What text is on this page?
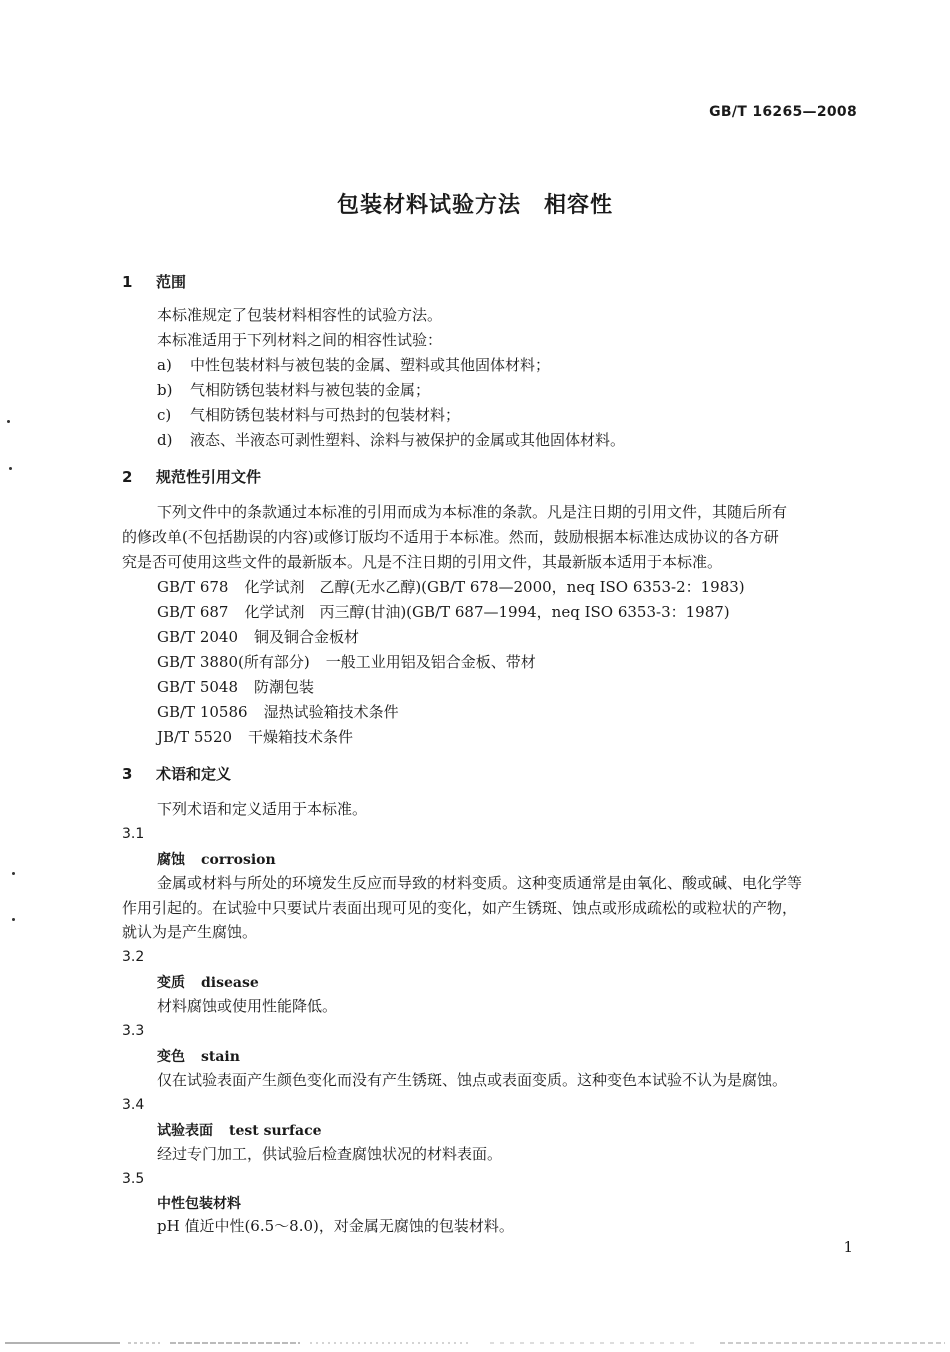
GB/T 16265—2008
包装材料试验方法　相容性
1 范围
本标准规定了包装材料相容性的试验方法。
本标准适用于下列材料之间的相容性试验：
a) 中性包装材料与被包装的金属、塑料或其他固体材料；
b) 气相防锈包装材料与被包装的金属；
c) 气相防锈包装材料与可热封的包装材料；
d) 液态、半液态可剥性塑料、涂料与被保护的金属或其他固体材料。
2 规范性引用文件
下列文件中的条款通过本标准的引用而成为本标准的条款。凡是注日期的引用文件，其随后所有
的修改单(不包括勘误的内容)或修订版均不适用于本标准。然而，鼓励根据本标准达成协议的各方研
究是否可使用这些文件的最新版本。凡是不注日期的引用文件，其最新版本适用于本标准。
GB/T 678 化学试剂　乙醇(无水乙醇)(GB/T 678—2000，neq ISO 6353-2：1983)
GB/T 687 化学试剂　丙三醇(甘油)(GB/T 687—1994，neq ISO 6353-3：1987)
GB/T 2040 铜及铜合金板材
GB/T 3880(所有部分) 一般工业用铝及铝合金板、带材
GB/T 5048 防潮包装
GB/T 10586 湿热试验箱技术条件
JB/T 5520 干燥箱技术条件
3 术语和定义
下列术语和定义适用于本标准。
3.1
腐蚀 corrosion
金属或材料与所处的环境发生反应而导致的材料变质。这种变质通常是由氧化、酸或碱、电化学等
作用引起的。在试验中只要试片表面出现可见的变化，如产生锈斑、蚀点或形成疏松的或粒状的产物，
就认为是产生腐蚀。
3.2
变质 disease
材料腐蚀或使用性能降低。
3.3
变色 stain
仅在试验表面产生颜色变化而没有产生锈斑、蚀点或表面变质。这种变色本试验不认为是腐蚀。
3.4
试验表面 test surface
经过专门加工，供试验后检查腐蚀状况的材料表面。
3.5
中性包装材料
pH 值近中性(6.5～8.0)，对金属无腐蚀的包装材料。
1
